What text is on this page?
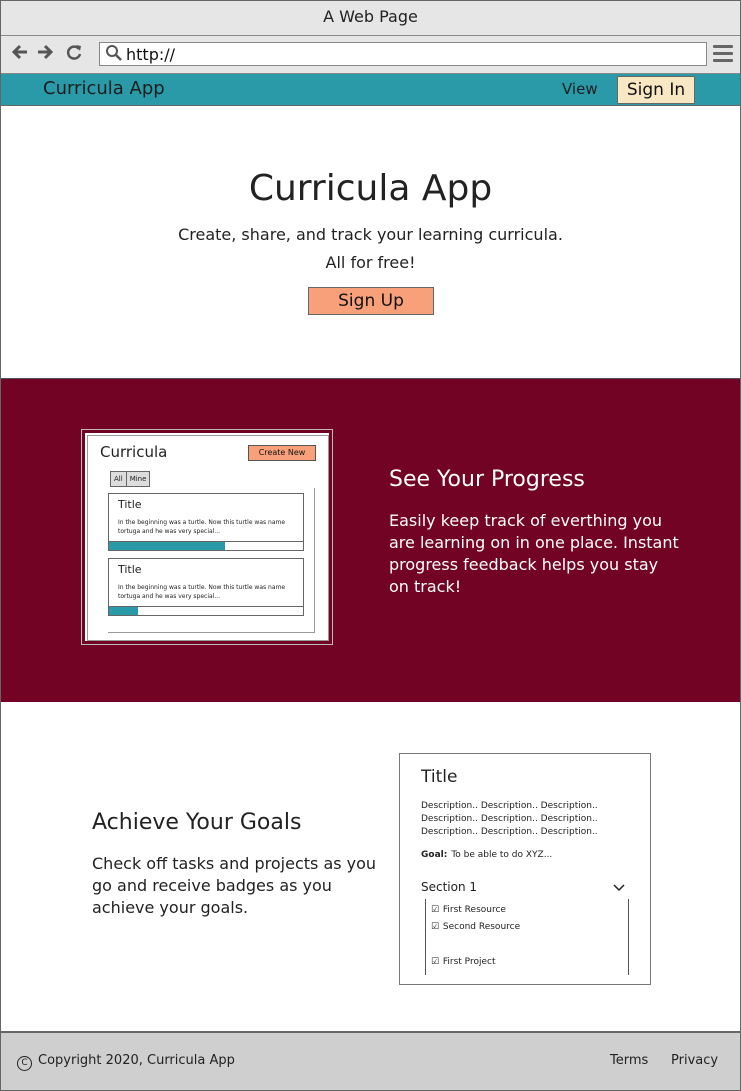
A Web Page
http://
Curricula App	View	Sign In
Curricula App
Create, share, and track your learning curricula.
All for free!
Sign Up
Curricula	Create New
All Mine
Title
In the beginning was a turtle. Now this turtle was name tortuga and he was very special...
Title
In the beginning was a turtle. Now this turtle was name tortuga and he was very special...
See Your Progress

Easily keep track of everthing you are learning on in one place. Instant progress feedback helps you stay on track!

Achieve Your Goals

Check off tasks and projects as you go and receive badges as you achieve your goals.

Title
Description.. Description.. Description..
Description.. Description.. Description..
Description.. Description.. Description..
Goal: To be able to do XYZ...
Section 1
☑ First Resource
☑ Second Resource
☑ First Project
C Copyright 2020, Curricula App	Terms Privacy
